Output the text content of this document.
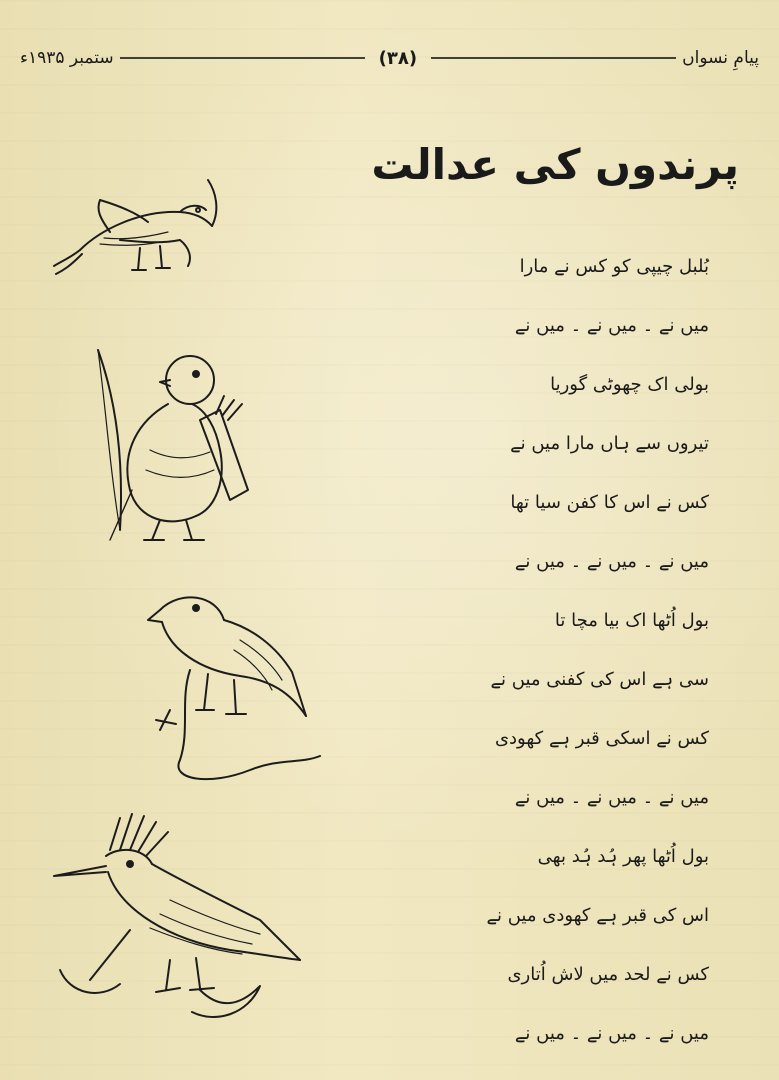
پیامِ نسواں
(۳۸)
ستمبر ۱۹۳۵ء
پرندوں کی عدالت
بُلبل چیپی کو کس نے مارا
میں نے ۔ میں نے ۔ میں نے
بولی اک چھوٹی گوریا
تیروں سے ہاں مارا میں نے
کس نے اس کا کفن سیا تھا
میں نے ۔ میں نے ۔ میں نے
بول اُٹھا اک بیا مچا تا
سی ہے اس کی کفنی میں نے
کس نے اسکی قبر ہے کھودی
میں نے ۔ میں نے ۔ میں نے
بول اُٹھا پھر ہُد ہُد بھی
اس کی قبر ہے کھودی میں نے
کس نے لحد میں لاش اُتاری
میں نے ۔ میں نے ۔ میں نے
